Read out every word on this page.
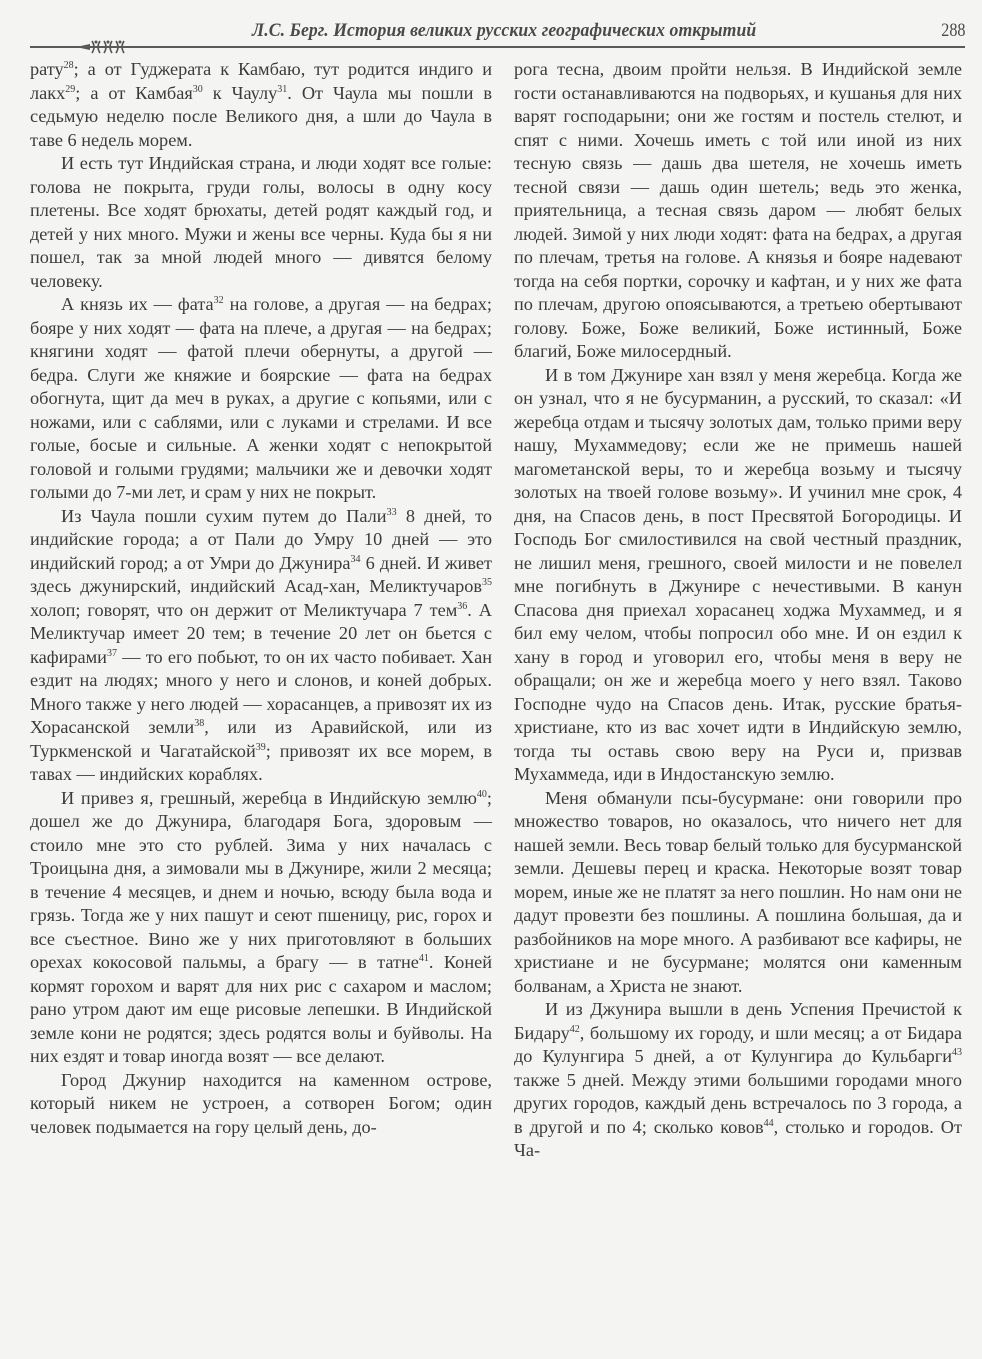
Л.С. Берг. История великих русских географических открытий	288

рату$^{28}$; а от Гуджерата к Камбаю, тут родится индиго и лакх$^{29}$; а от Камбая$^{30}$ к Чаулу$^{31}$. От Чаула мы пошли в седьмую неделю после Великого дня, а шли до Чаула в таве 6 недель морем.

И есть тут Индийская страна, и люди ходят все голые: голова не покрыта, груди голы, волосы в одну косу плетены. Все ходят брюхаты, детей родят каждый год, и детей у них много. Мужи и жены все черны. Куда бы я ни пошел, так за мной людей много — дивятся белому человеку.

А князь их — фата$^{32}$ на голове, а другая — на бедрах; бояре у них ходят — фата на плече, а другая — на бедрах; княгини ходят — фатой плечи обернуты, а другой — бедра. Слуги же княжие и боярские — фата на бедрах обогнута, щит да меч в руках, а другие с копьями, или с ножами, или с саблями, или с луками и стрелами. И все голые, босые и сильные. А женки ходят с непокрытой головой и голыми грудями; мальчики же и девочки ходят голыми до 7-ми лет, и срам у них не покрыт.

Из Чаула пошли сухим путем до Пали$^{33}$ 8 дней, то индийские города; а от Пали до Умру 10 дней — это индийский город; а от Умри до Джунира$^{34}$ 6 дней. И живет здесь джунирский, индийский Асад-хан, Меликтучаров$^{35}$ холоп; говорят, что он держит от Меликтучара 7 тем$^{36}$. А Меликтучар имеет 20 тем; в течение 20 лет он бьется с кафирами$^{37}$ — то его побьют, то он их часто побивает. Хан ездит на людях; много у него и слонов, и коней добрых. Много также у него людей — хорасанцев, а привозят их из Хорасанской земли$^{38}$, или из Аравийской, или из Туркменской и Чагатайской$^{39}$; привозят их все морем, в тавах — индийских кораблях.

И привез я, грешный, жеребца в Индийскую землю$^{40}$; дошел же до Джунира, благодаря Бога, здоровым — стоило мне это сто рублей. Зима у них началась с Троицына дня, а зимовали мы в Джунире, жили 2 месяца; в течение 4 месяцев, и днем и ночью, всюду была вода и грязь. Тогда же у них пашут и сеют пшеницу, рис, горох и все съестное. Вино же у них приготовляют в больших орехах кокосовой пальмы, а брагу — в татне$^{41}$. Коней кормят горохом и варят для них рис с сахаром и маслом; рано утром дают им еще рисовые лепешки. В Индийской земле кони не родятся; здесь родятся волы и буйволы. На них ездят и товар иногда возят — все делают.

Город Джунир находится на каменном острове, который никем не устроен, а сотворен Богом; один человек подымается на гору целый день, до-

рога тесна, двоим пройти нельзя. В Индийской земле гости останавливаются на подворьях, и кушанья для них варят господарыни; они же гостям и постель стелют, и спят с ними. Хочешь иметь с той или иной из них тесную связь — дашь два шетеля, не хочешь иметь тесной связи — дашь один шетель; ведь это женка, приятельница, а тесная связь даром — любят белых людей. Зимой у них люди ходят: фата на бедрах, а другая по плечам, третья на голове. А князья и бояре надевают тогда на себя портки, сорочку и кафтан, и у них же фата по плечам, другою опоясываются, а третьею обертывают голову. Боже, Боже великий, Боже истинный, Боже благий, Боже милосердный.

И в том Джунире хан взял у меня жеребца. Когда же он узнал, что я не бусурманин, а русский, то сказал: «И жеребца отдам и тысячу золотых дам, только прими веру нашу, Мухаммедову; если же не примешь нашей магометанской веры, то и жеребца возьму и тысячу золотых на твоей голове возьму». И учинил мне срок, 4 дня, на Спасов день, в пост Пресвятой Богородицы. И Господь Бог смилостивился на свой честный праздник, не лишил меня, грешного, своей милости и не повелел мне погибнуть в Джунире с нечестивыми. В канун Спасова дня приехал хорасанец ходжа Мухаммед, и я бил ему челом, чтобы попросил обо мне. И он ездил к хану в город и уговорил его, чтобы меня в веру не обращали; он же и жеребца моего у него взял. Таково Господне чудо на Спасов день. Итак, русские братья-христиане, кто из вас хочет идти в Индийскую землю, тогда ты оставь свою веру на Руси и, призвав Мухаммеда, иди в Индостанскую землю.

Меня обманули псы-бусурмане: они говорили про множество товаров, но оказалось, что ничего нет для нашей земли. Весь товар белый только для бусурманской земли. Дешевы перец и краска. Некоторые возят товар морем, иные же не платят за него пошлин. Но нам они не дадут провезти без пошлины. А пошлина большая, да и разбойников на море много. А разбивают все кафиры, не христиане и не бусурмане; молятся они каменным болванам, а Христа не знают.

И из Джунира вышли в день Успения Пречистой к Бидару$^{42}$, большому их городу, и шли месяц; а от Бидара до Кулунгира 5 дней, а от Кулунгира до Кульбарги$^{43}$ также 5 дней. Между этими большими городами много других городов, каждый день встречалось по 3 города, а в другой и по 4; сколько ковов$^{44}$, столько и городов. От Ча-
